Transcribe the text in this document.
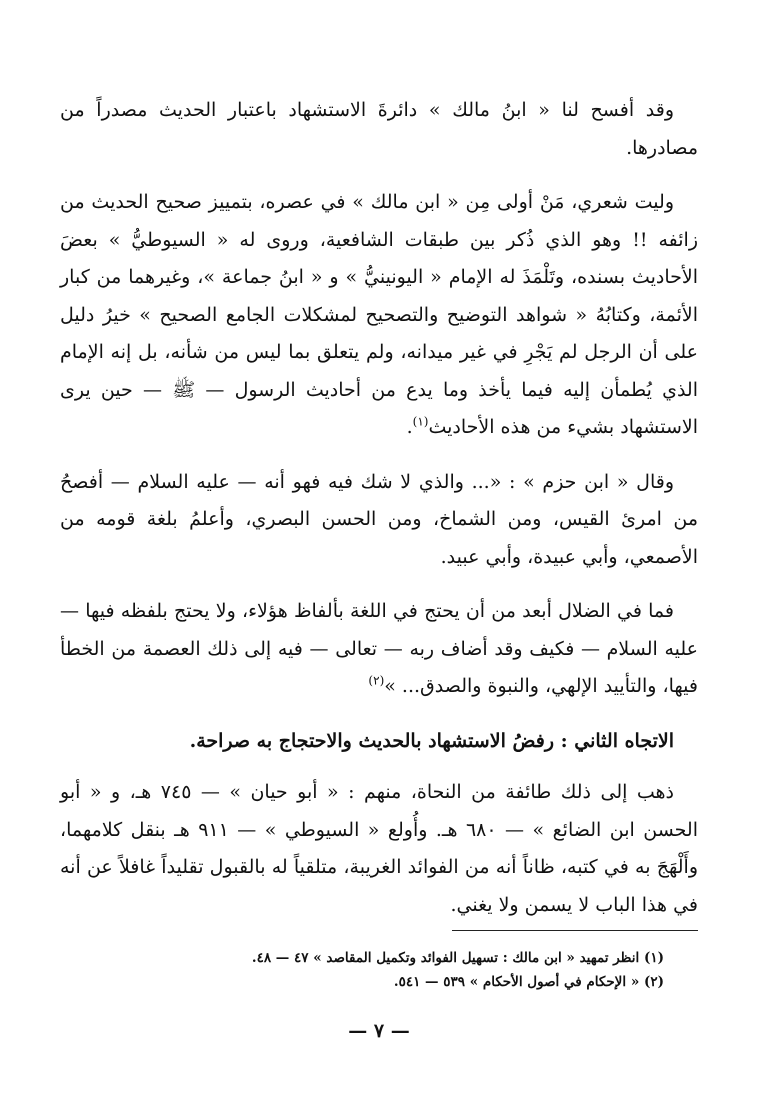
وقد أفسح لنا « ابنُ مالك » دائرةَ الاستشهاد باعتبار الحديث مصدراً من مصادرها.

وليت شعري، مَنْ أولى مِن « ابن مالك » في عصره، بتمييز صحيح الحديث من زائفه !! وهو الذي ذُكر بين طبقات الشافعية، وروى له « السيوطيُّ » بعضَ الأحاديث بسنده، وتَلْمَذَ له الإمام « اليونينيُّ » و « ابنُ جماعة »، وغيرهما من كبار الأئمة، وكتابُهُ « شواهد التوضيح والتصحيح لمشكلات الجامع الصحيح » خيرُ دليل على أن الرجل لم يَجْرِ في غير ميدانه، ولم يتعلق بما ليس من شأنه، بل إنه الإمام الذي يُطمأن إليه فيما يأخذ وما يدع من أحاديث الرسول — ﷺ — حين يرى الاستشهاد بشيء من هذه الأحاديث$^{(١)}$.

وقال « ابن حزم » : «... والذي لا شك فيه فهو أنه — عليه السلام — أفصحُ من امرئ القيس، ومن الشماخ، ومن الحسن البصري، وأعلمُ بلغة قومه من الأصمعي، وأبي عبيدة، وأبي عبيد.

فما في الضلال أبعد من أن يحتج في اللغة بألفاظ هؤلاء، ولا يحتج بلفظه فيها — عليه السلام — فكيف وقد أضاف ربه — تعالى — فيه إلى ذلك العصمة من الخطأ فيها، والتأييد الإلهي، والنبوة والصدق... »$^{(٢)}$

الاتجاه الثاني : رفضُ الاستشهاد بالحديث والاحتجاج به صراحة.

ذهب إلى ذلك طائفة من النحاة، منهم : « أبو حيان » — ٧٤٥ هـ، و « أبو الحسن ابن الضائع » — ٦٨٠ هـ. وأُولع « السيوطي » — ٩١١ هـ بنقل كلامهما، وأَلْهَجَ به في كتبه، ظاناً أنه من الفوائد الغريبة، متلقياً له بالقبول تقليداً غافلاً عن أنه في هذا الباب لا يسمن ولا يغني.

(١) انظر تمهيد « ابن مالك : تسهيل الفوائد وتكميل المقاصد » ٤٧ — ٤٨.

(٢) « الإحكام في أصول الأحكام » ٥٣٩ — ٥٤١.

— ٧ —
